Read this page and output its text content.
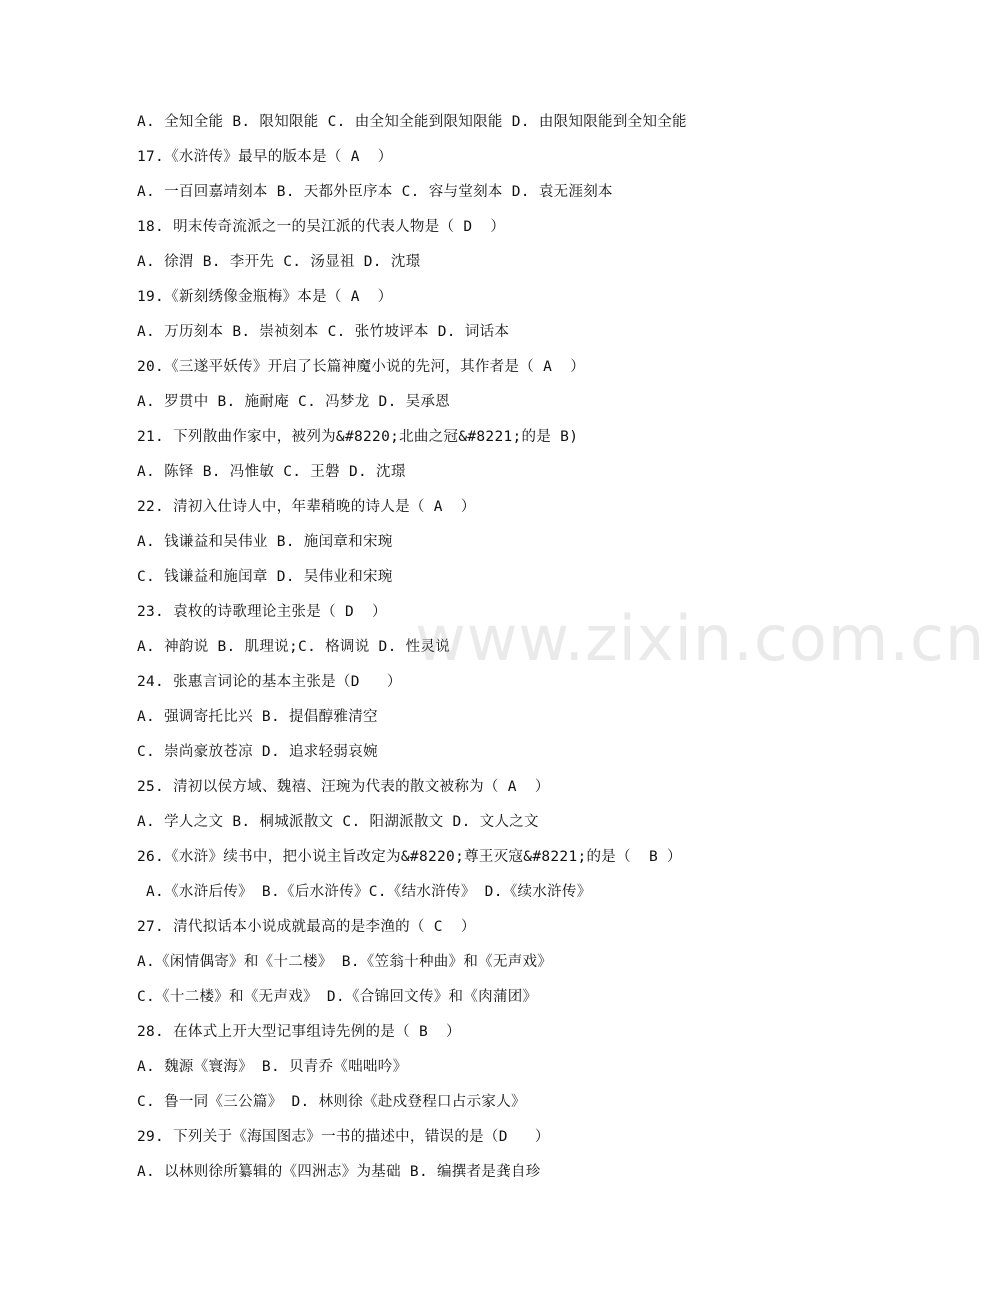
A. 全知全能 B. 限知限能 C. 由全知全能到限知限能 D. 由限知限能到全知全能
17.《水浒传》最早的版本是（ A  ）
A. 一百回嘉靖刻本 B. 天都外臣序本 C. 容与堂刻本 D. 袁无涯刻本
18. 明末传奇流派之一的吴江派的代表人物是（ D  ）
A. 徐渭 B. 李开先 C. 汤显祖 D. 沈璟
19.《新刻绣像金瓶梅》本是（ A  ）
A. 万历刻本 B. 崇祯刻本 C. 张竹坡评本 D. 词话本
20.《三遂平妖传》开启了长篇神魔小说的先河，其作者是（ A  ）
A. 罗贯中 B. 施耐庵 C. 冯梦龙 D. 吴承恩
21. 下列散曲作家中，被列为&#8220;北曲之冠&#8221;的是 B)
A. 陈铎 B. 冯惟敏 C. 王磐 D. 沈璟
22. 清初入仕诗人中，年辈稍晚的诗人是（ A  ）
A. 钱谦益和吴伟业 B. 施闰章和宋琬
C. 钱谦益和施闰章 D. 吴伟业和宋琬
23. 袁枚的诗歌理论主张是（ D  ）
A. 神韵说 B. 肌理说;C. 格调说 D. 性灵说
24. 张惠言词论的基本主张是（D   ）
A. 强调寄托比兴 B. 提倡醇雅清空
C. 崇尚豪放苍凉 D. 追求轻弱哀婉
25. 清初以侯方域、魏禧、汪琬为代表的散文被称为（ A  ）
A. 学人之文 B. 桐城派散文 C. 阳湖派散文 D. 文人之文
26.《水浒》续书中，把小说主旨改定为&#8220;尊王灭寇&#8221;的是（  B ）
A.《水浒后传》 B.《后水浒传》C.《结水浒传》 D.《续水浒传》
27. 清代拟话本小说成就最高的是李渔的（ C  ）
A.《闲情偶寄》和《十二楼》 B.《笠翁十种曲》和《无声戏》
C.《十二楼》和《无声戏》 D.《合锦回文传》和《肉蒲团》
28. 在体式上开大型记事组诗先例的是（ B  ）
A. 魏源《寰海》 B. 贝青乔《咄咄吟》
C. 鲁一同《三公篇》 D. 林则徐《赴戍登程口占示家人》
29. 下列关于《海国图志》一书的描述中，错误的是（D   ）
A. 以林则徐所纂辑的《四洲志》为基础 B. 编撰者是龚自珍
www.zixin.com.cn
